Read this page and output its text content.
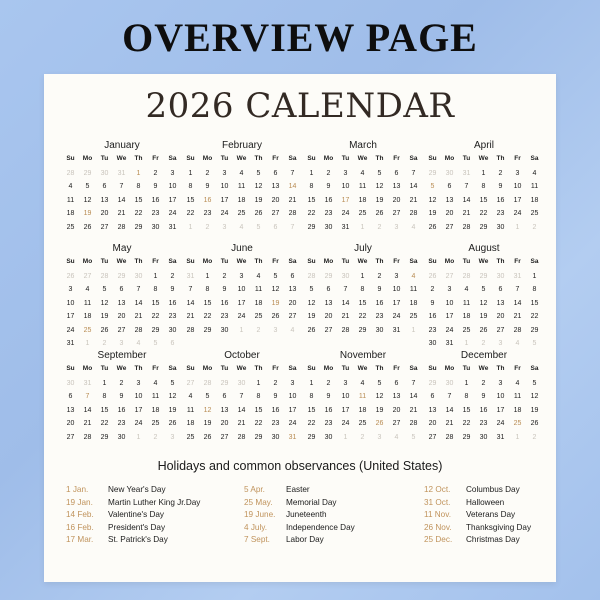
OVERVIEW PAGE
2026 CALENDAR
January
Su	Mo	Tu	We	Th	Fr	Sa
28	29	30	31	1	2	3
4	5	6	7	8	9	10
11	12	13	14	15	16	17
18	19	20	21	22	23	24
25	26	27	28	29	30	31
February
Su	Mo	Tu	We	Th	Fr	Sa
1	2	3	4	5	6	7
8	9	10	11	12	13	14
15	16	17	18	19	20	21
22	23	24	25	26	27	28
1	2	3	4	5	6	7
March
Su	Mo	Tu	We	Th	Fr	Sa
1	2	3	4	5	6	7
8	9	10	11	12	13	14
15	16	17	18	19	20	21
22	23	24	25	26	27	28
29	30	31	1	2	3	4
April
Su	Mo	Tu	We	Th	Fr	Sa
29	30	31	1	2	3	4
5	6	7	8	9	10	11
12	13	14	15	16	17	18
19	20	21	22	23	24	25
26	27	28	29	30	1	2
May
Su	Mo	Tu	We	Th	Fr	Sa
26	27	28	29	30	1	2
3	4	5	6	7	8	9
10	11	12	13	14	15	16
17	18	19	20	21	22	23
24	25	26	27	28	29	30
31	1	2	3	4	5	6
June
Su	Mo	Tu	We	Th	Fr	Sa
31	1	2	3	4	5	6
7	8	9	10	11	12	13
14	15	16	17	18	19	20
21	22	23	24	25	26	27
28	29	30	1	2	3	4
July
Su	Mo	Tu	We	Th	Fr	Sa
28	29	30	1	2	3	4
5	6	7	8	9	10	11
12	13	14	15	16	17	18
19	20	21	22	23	24	25
26	27	28	29	30	31	1
August
Su	Mo	Tu	We	Th	Fr	Sa
26	27	28	29	30	31	1
2	3	4	5	6	7	8
9	10	11	12	13	14	15
16	17	18	19	20	21	22
23	24	25	26	27	28	29
30	31	1	2	3	4	5
September
Su	Mo	Tu	We	Th	Fr	Sa
30	31	1	2	3	4	5
6	7	8	9	10	11	12
13	14	15	16	17	18	19
20	21	22	23	24	25	26
27	28	29	30	1	2	3
October
Su	Mo	Tu	We	Th	Fr	Sa
27	28	29	30	1	2	3
4	5	6	7	8	9	10
11	12	13	14	15	16	17
18	19	20	21	22	23	24
25	26	27	28	29	30	31
November
Su	Mo	Tu	We	Th	Fr	Sa
1	2	3	4	5	6	7
8	9	10	11	12	13	14
15	16	17	18	19	20	21
22	23	24	25	26	27	28
29	30	1	2	3	4	5
December
Su	Mo	Tu	We	Th	Fr	Sa
29	30	1	2	3	4	5
6	7	8	9	10	11	12
13	14	15	16	17	18	19
20	21	22	23	24	25	26
27	28	29	30	31	1	2
Holidays and common observances (United States)
1 Jan. New Year's Day
19 Jan. Martin Luther King Jr.Day
14 Feb. Valentine's Day
16 Feb. President's Day
17 Mar. St. Patrick's Day
5 Apr.	Easter
25 May. Memorial Day
19 June. Juneteenth
4 July. Independence Day
7 Sept. Labor Day
12 Oct. Columbus Day
31 Oct. Halloween
11 Nov. Veterans Day
26 Nov. Thanksgiving Day
25 Dec. Christmas Day
